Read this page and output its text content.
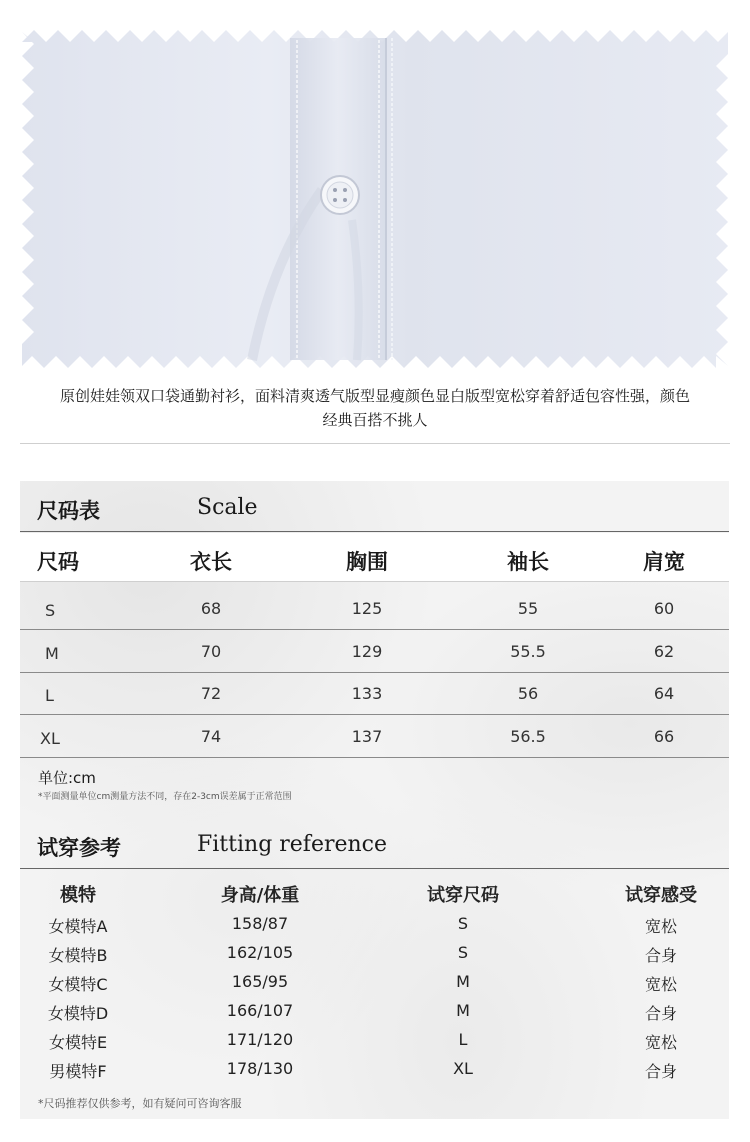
原创娃娃领双口袋通勤衬衫，面料清爽透气版型显瘦颜色显白版型宽松穿着舒适包容性强，颜色
经典百搭不挑人
尺码表	Scale
尺码	衣长	胸围	袖长	肩宽
S	68	125	55	60
M	70	129	55.5	62
L	72	133	56	64
XL	74	137	56.5	66
单位:cm
*平面测量单位cm测量方法不同，存在2-3cm误差属于正常范围
试穿参考	Fitting reference
模特	身高/体重	试穿尺码	试穿感受
女模特A	158/87	S	宽松
女模特B	162/105	S	合身
女模特C	165/95	M	宽松
女模特D	166/107	M	合身
女模特E	171/120	L	宽松
男模特F	178/130	XL	合身
*尺码推荐仅供参考，如有疑问可咨询客服
